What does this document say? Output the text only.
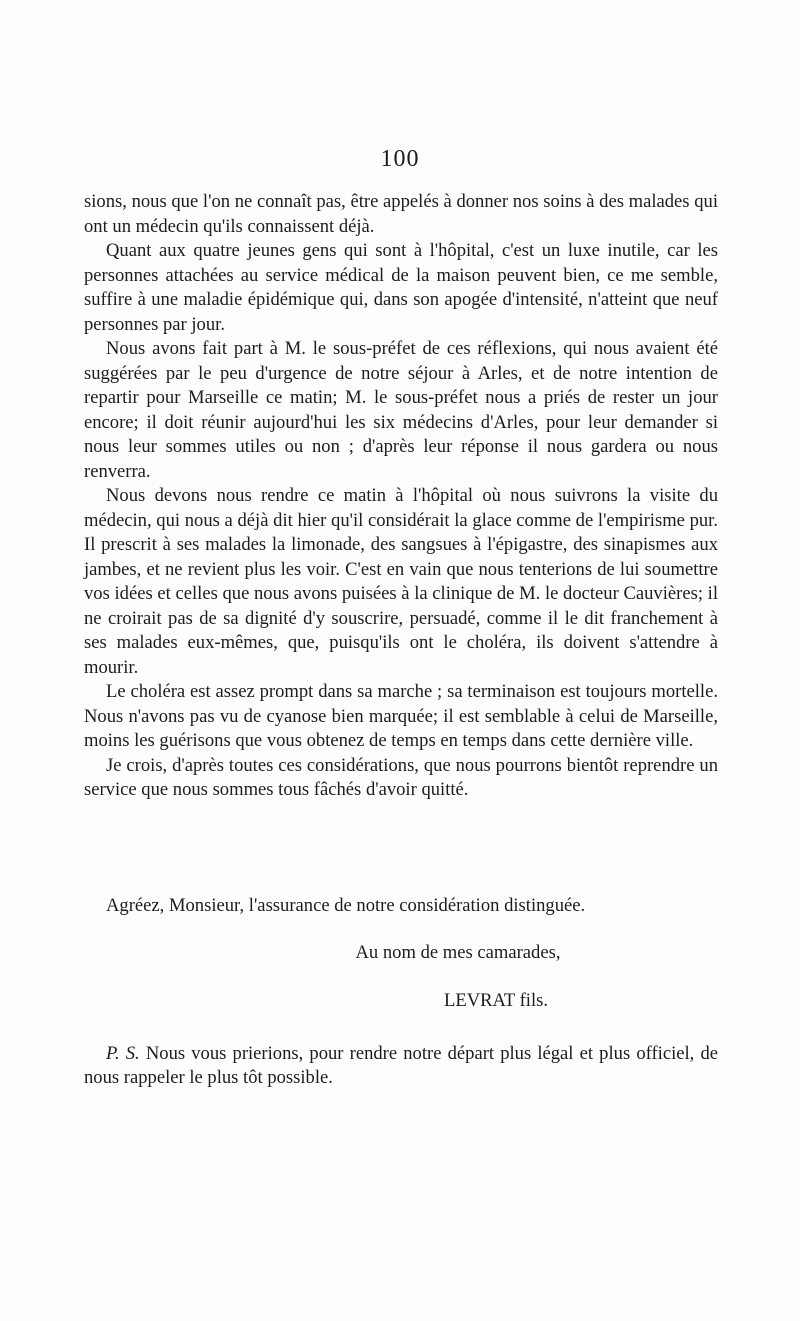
100

sions, nous que l'on ne connaît pas, être appelés à donner nos soins à des malades qui ont un médecin qu'ils connaissent déjà.

Quant aux quatre jeunes gens qui sont à l'hôpital, c'est un luxe inutile, car les personnes attachées au service médical de la maison peuvent bien, ce me semble, suffire à une maladie épidémique qui, dans son apogée d'intensité, n'atteint que neuf personnes par jour.

Nous avons fait part à M. le sous-préfet de ces réflexions, qui nous avaient été suggérées par le peu d'urgence de notre séjour à Arles, et de notre intention de repartir pour Marseille ce matin; M. le sous-préfet nous a priés de rester un jour encore; il doit réunir aujourd'hui les six médecins d'Arles, pour leur demander si nous leur sommes utiles ou non ; d'après leur réponse il nous gardera ou nous renverra.

Nous devons nous rendre ce matin à l'hôpital où nous suivrons la visite du médecin, qui nous a déjà dit hier qu'il considérait la glace comme de l'empirisme pur. Il prescrit à ses malades la limonade, des sangsues à l'épigastre, des sinapismes aux jambes, et ne revient plus les voir. C'est en vain que nous tenterions de lui soumettre vos idées et celles que nous avons puisées à la clinique de M. le docteur Cauvières; il ne croirait pas de sa dignité d'y souscrire, persuadé, comme il le dit franchement à ses malades eux-mêmes, que, puisqu'ils ont le choléra, ils doivent s'attendre à mourir.

Le choléra est assez prompt dans sa marche ; sa terminaison est toujours mortelle. Nous n'avons pas vu de cyanose bien marquée; il est semblable à celui de Marseille, moins les guérisons que vous obtenez de temps en temps dans cette dernière ville.

Je crois, d'après toutes ces considérations, que nous pourrons bientôt reprendre un service que nous sommes tous fâchés d'avoir quitté.

Agréez, Monsieur, l'assurance de notre considération distinguée.
Au nom de mes camarades,
LEVRAT fils.
P. S. Nous vous prierions, pour rendre notre départ plus légal et plus officiel, de nous rappeler le plus tôt possible.
